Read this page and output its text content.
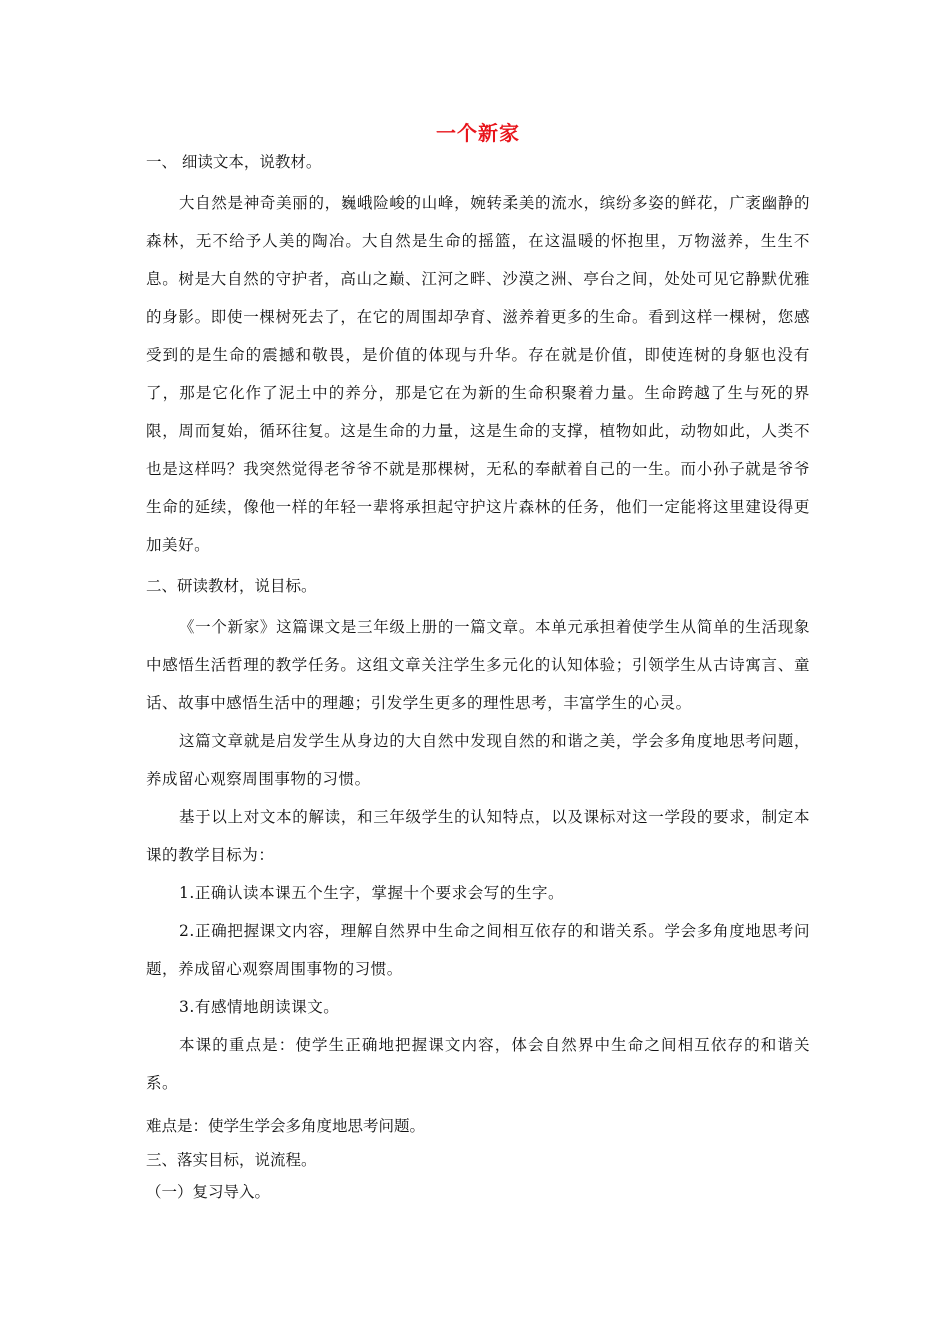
一个新家

一、 细读文本，说教材。

大自然是神奇美丽的，巍峨险峻的山峰，婉转柔美的流水，缤纷多姿的鲜花，广袤幽静的森林，无不给予人美的陶冶。大自然是生命的摇篮，在这温暖的怀抱里，万物滋养，生生不息。树是大自然的守护者，高山之巅、江河之畔、沙漠之洲、亭台之间，处处可见它静默优雅的身影。即使一棵树死去了，在它的周围却孕育、滋养着更多的生命。看到这样一棵树，您感受到的是生命的震撼和敬畏，是价值的体现与升华。存在就是价值，即使连树的身躯也没有了，那是它化作了泥土中的养分，那是它在为新的生命积聚着力量。生命跨越了生与死的界限，周而复始，循环往复。这是生命的力量，这是生命的支撑，植物如此，动物如此，人类不也是这样吗？我突然觉得老爷爷不就是那棵树，无私的奉献着自己的一生。而小孙子就是爷爷生命的延续，像他一样的年轻一辈将承担起守护这片森林的任务，他们一定能将这里建设得更加美好。

二、研读教材，说目标。

《一个新家》这篇课文是三年级上册的一篇文章。本单元承担着使学生从简单的生活现象中感悟生活哲理的教学任务。这组文章关注学生多元化的认知体验；引领学生从古诗寓言、童话、故事中感悟生活中的理趣；引发学生更多的理性思考，丰富学生的心灵。

这篇文章就是启发学生从身边的大自然中发现自然的和谐之美，学会多角度地思考问题，养成留心观察周围事物的习惯。

基于以上对文本的解读，和三年级学生的认知特点，以及课标对这一学段的要求，制定本课的教学目标为：

1.正确认读本课五个生字，掌握十个要求会写的生字。

2.正确把握课文内容，理解自然界中生命之间相互依存的和谐关系。学会多角度地思考问题，养成留心观察周围事物的习惯。

3.有感情地朗读课文。

本课的重点是：使学生正确地把握课文内容，体会自然界中生命之间相互依存的和谐关系。

难点是：使学生学会多角度地思考问题。

三、落实目标，说流程。

（一）复习导入。
